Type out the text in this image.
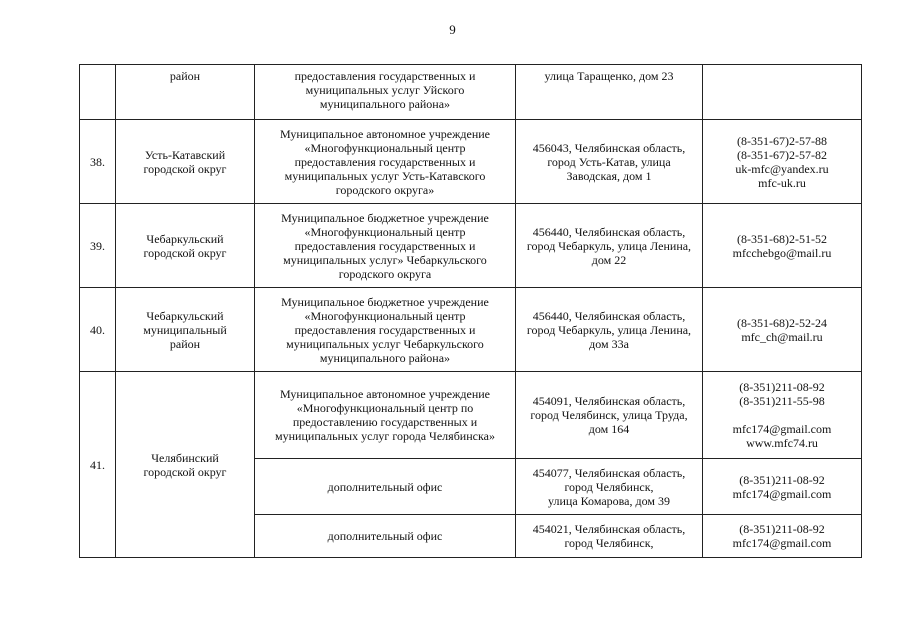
9

	район	предоставления государственных и
муниципальных услуг Уйского
муниципального района»	улица Таращенко, дом 23	

38.	Усть-Катавский
городской округ	Муниципальное автономное учреждение
«Многофункциональный центр
предоставления государственных и
муниципальных услуг Усть-Катавского
городского округа»	456043, Челябинская область,
город Усть-Катав, улица
Заводская, дом 1	(8-351-67)2-57-88
(8-351-67)2-57-82
uk-mfc@yandex.ru
mfc-uk.ru

39.	Чебаркульский
городской округ	Муниципальное бюджетное учреждение
«Многофункциональный центр
предоставления государственных и
муниципальных услуг» Чебаркульского
городского округа	456440, Челябинская область,
город Чебаркуль, улица Ленина,
дом 22	(8-351-68)2-51-52
mfcchebgo@mail.ru

40.	Чебаркульский
муниципальный
район	Муниципальное бюджетное учреждение
«Многофункциональный центр
предоставления государственных и
муниципальных услуг Чебаркульского
муниципального района»	456440, Челябинская область,
город Чебаркуль, улица Ленина,
дом 33а	(8-351-68)2-52-24
mfc_ch@mail.ru

41.	Челябинский
городской округ	Муниципальное автономное учреждение
«Многофункциональный центр по
предоставлению государственных и
муниципальных услуг города Челябинска»	454091, Челябинская область,
город Челябинск, улица Труда,
дом 164	(8-351)211-08-92
(8-351)211-55-98
mfc174@gmail.com
www.mfc74.ru

		дополнительный офис	454077, Челябинская область,
город Челябинск,
улица Комарова, дом 39	(8-351)211-08-92
mfc174@gmail.com

		дополнительный офис	454021, Челябинская область,
город Челябинск,	(8-351)211-08-92
mfc174@gmail.com
